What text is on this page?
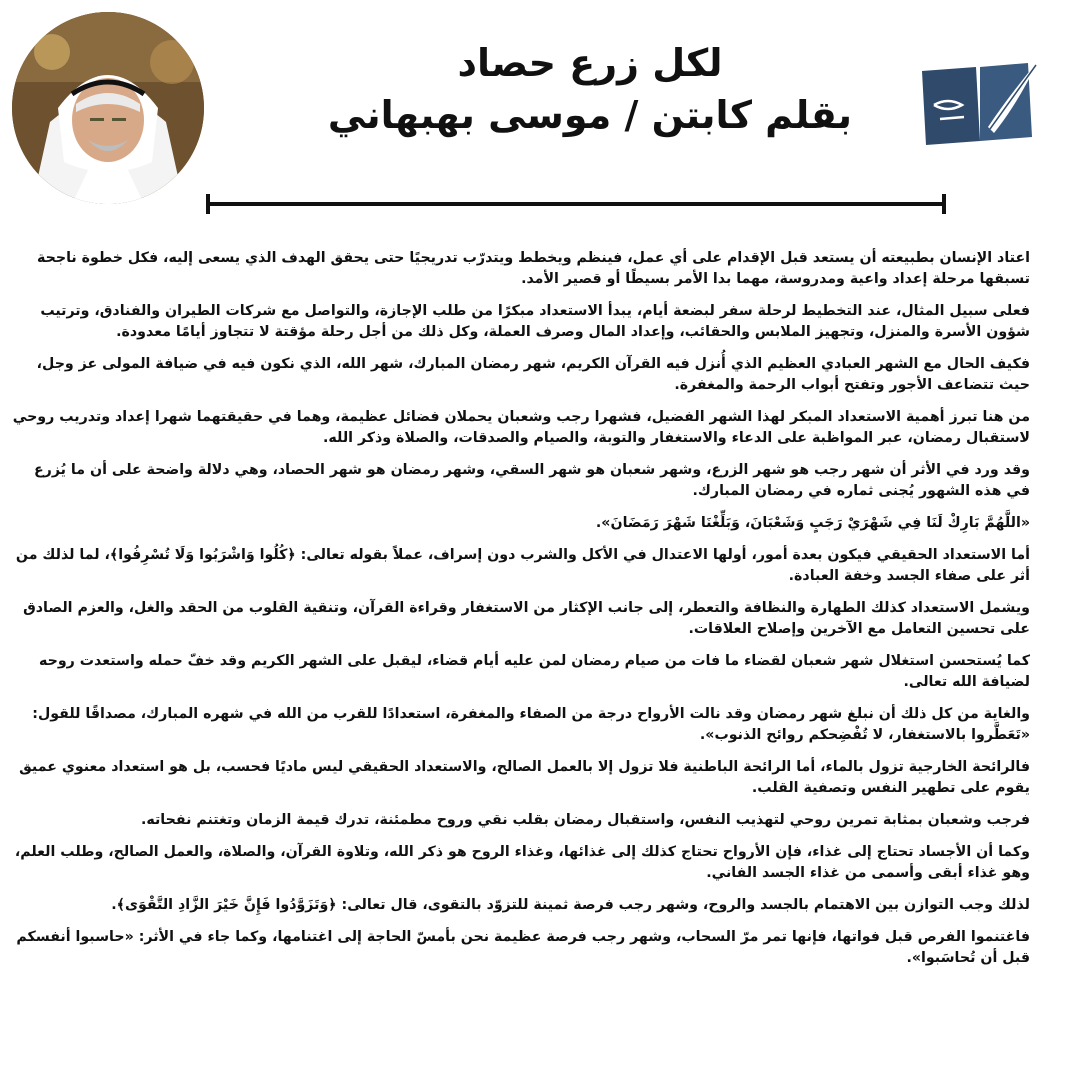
لكل زرع حصاد
بقلم كابتن / موسى بهبهاني

اعتاد الإنسان بطبيعته أن يستعد قبل الإقدام على أي عمل، فينظم ويخطط ويتدرّب تدريجيًا حتى يحقق الهدف الذي يسعى إليه، فكل خطوة ناجحة تسبقها مرحلة إعداد واعية ومدروسة، مهما بدا الأمر بسيطًا أو قصير الأمد.

فعلى سبيل المثال، عند التخطيط لرحلة سفر لبضعة أيام، يبدأ الاستعداد مبكرًا من طلب الإجازة، والتواصل مع شركات الطيران والفنادق، وترتيب شؤون الأسرة والمنزل، وتجهيز الملابس والحقائب، وإعداد المال وصرف العملة، وكل ذلك من أجل رحلة مؤقتة لا تتجاوز أيامًا معدودة.

فكيف الحال مع الشهر العبادي العظيم الذي أُنزل فيه القرآن الكريم، شهر رمضان المبارك، شهر الله، الذي نكون فيه في ضيافة المولى عز وجل، حيث تتضاعف الأجور وتفتح أبواب الرحمة والمغفرة.

من هنا تبرز أهمية الاستعداد المبكر لهذا الشهر الفضيل، فشهرا رجب وشعبان يحملان فضائل عظيمة، وهما في حقيقتهما شهرا إعداد وتدريب روحي لاستقبال رمضان، عبر المواظبة على الدعاء والاستغفار والتوبة، والصيام والصدقات، والصلاة وذكر الله.

وقد ورد في الأثر أن شهر رجب هو شهر الزرع، وشهر شعبان هو شهر السقي، وشهر رمضان هو شهر الحصاد، وهي دلالة واضحة على أن ما يُزرع في هذه الشهور يُجنى ثماره في رمضان المبارك.

«اللَّهُمَّ بَارِكْ لَنَا فِي شَهْرَيْ رَجَبٍ وَشَعْبَانَ، وَبَلِّغْنَا شَهْرَ رَمَضَانَ».

أما الاستعداد الحقيقي فيكون بعدة أمور، أولها الاعتدال في الأكل والشرب دون إسراف، عملاً بقوله تعالى: ﴿كُلُوا وَاشْرَبُوا وَلَا تُسْرِفُوا﴾، لما لذلك من أثر على صفاء الجسد وخفة العبادة.

ويشمل الاستعداد كذلك الطهارة والنظافة والتعطر، إلى جانب الإكثار من الاستغفار وقراءة القرآن، وتنقية القلوب من الحقد والغل، والعزم الصادق على تحسين التعامل مع الآخرين وإصلاح العلاقات.

كما يُستحسن استغلال شهر شعبان لقضاء ما فات من صيام رمضان لمن عليه أيام قضاء، ليقبل على الشهر الكريم وقد خفّ حمله واستعدت روحه لضيافة الله تعالى.

والغاية من كل ذلك أن نبلغ شهر رمضان وقد نالت الأرواح درجة من الصفاء والمغفرة، استعدادًا للقرب من الله في شهره المبارك، مصداقًا للقول: «تَعَطَّروا بالاستغفار، لا تُفْضِحكم روائح الذنوب».

فالرائحة الخارجية تزول بالماء، أما الرائحة الباطنية فلا تزول إلا بالعمل الصالح، والاستعداد الحقيقي ليس ماديًا فحسب، بل هو استعداد معنوي عميق يقوم على تطهير النفس وتصفية القلب.

فرجب وشعبان بمثابة تمرين روحي لتهذيب النفس، واستقبال رمضان بقلب نقي وروح مطمئنة، تدرك قيمة الزمان وتغتنم نفحاته.

وكما أن الأجساد تحتاج إلى غذاء، فإن الأرواح تحتاج كذلك إلى غذائها، وغذاء الروح هو ذكر الله، وتلاوة القرآن، والصلاة، والعمل الصالح، وطلب العلم، وهو غذاء أبقى وأسمى من غذاء الجسد الفاني.

لذلك وجب التوازن بين الاهتمام بالجسد والروح، وشهر رجب فرصة ثمينة للتزوّد بالتقوى، قال تعالى: ﴿وَتَزَوَّدُوا فَإِنَّ خَيْرَ الزَّادِ التَّقْوَى﴾.

فاغتنموا الفرص قبل فواتها، فإنها تمر مرّ السحاب، وشهر رجب فرصة عظيمة نحن بأمسّ الحاجة إلى اغتنامها، وكما جاء في الأثر: «حاسبوا أنفسكم قبل أن تُحاسَبوا».
